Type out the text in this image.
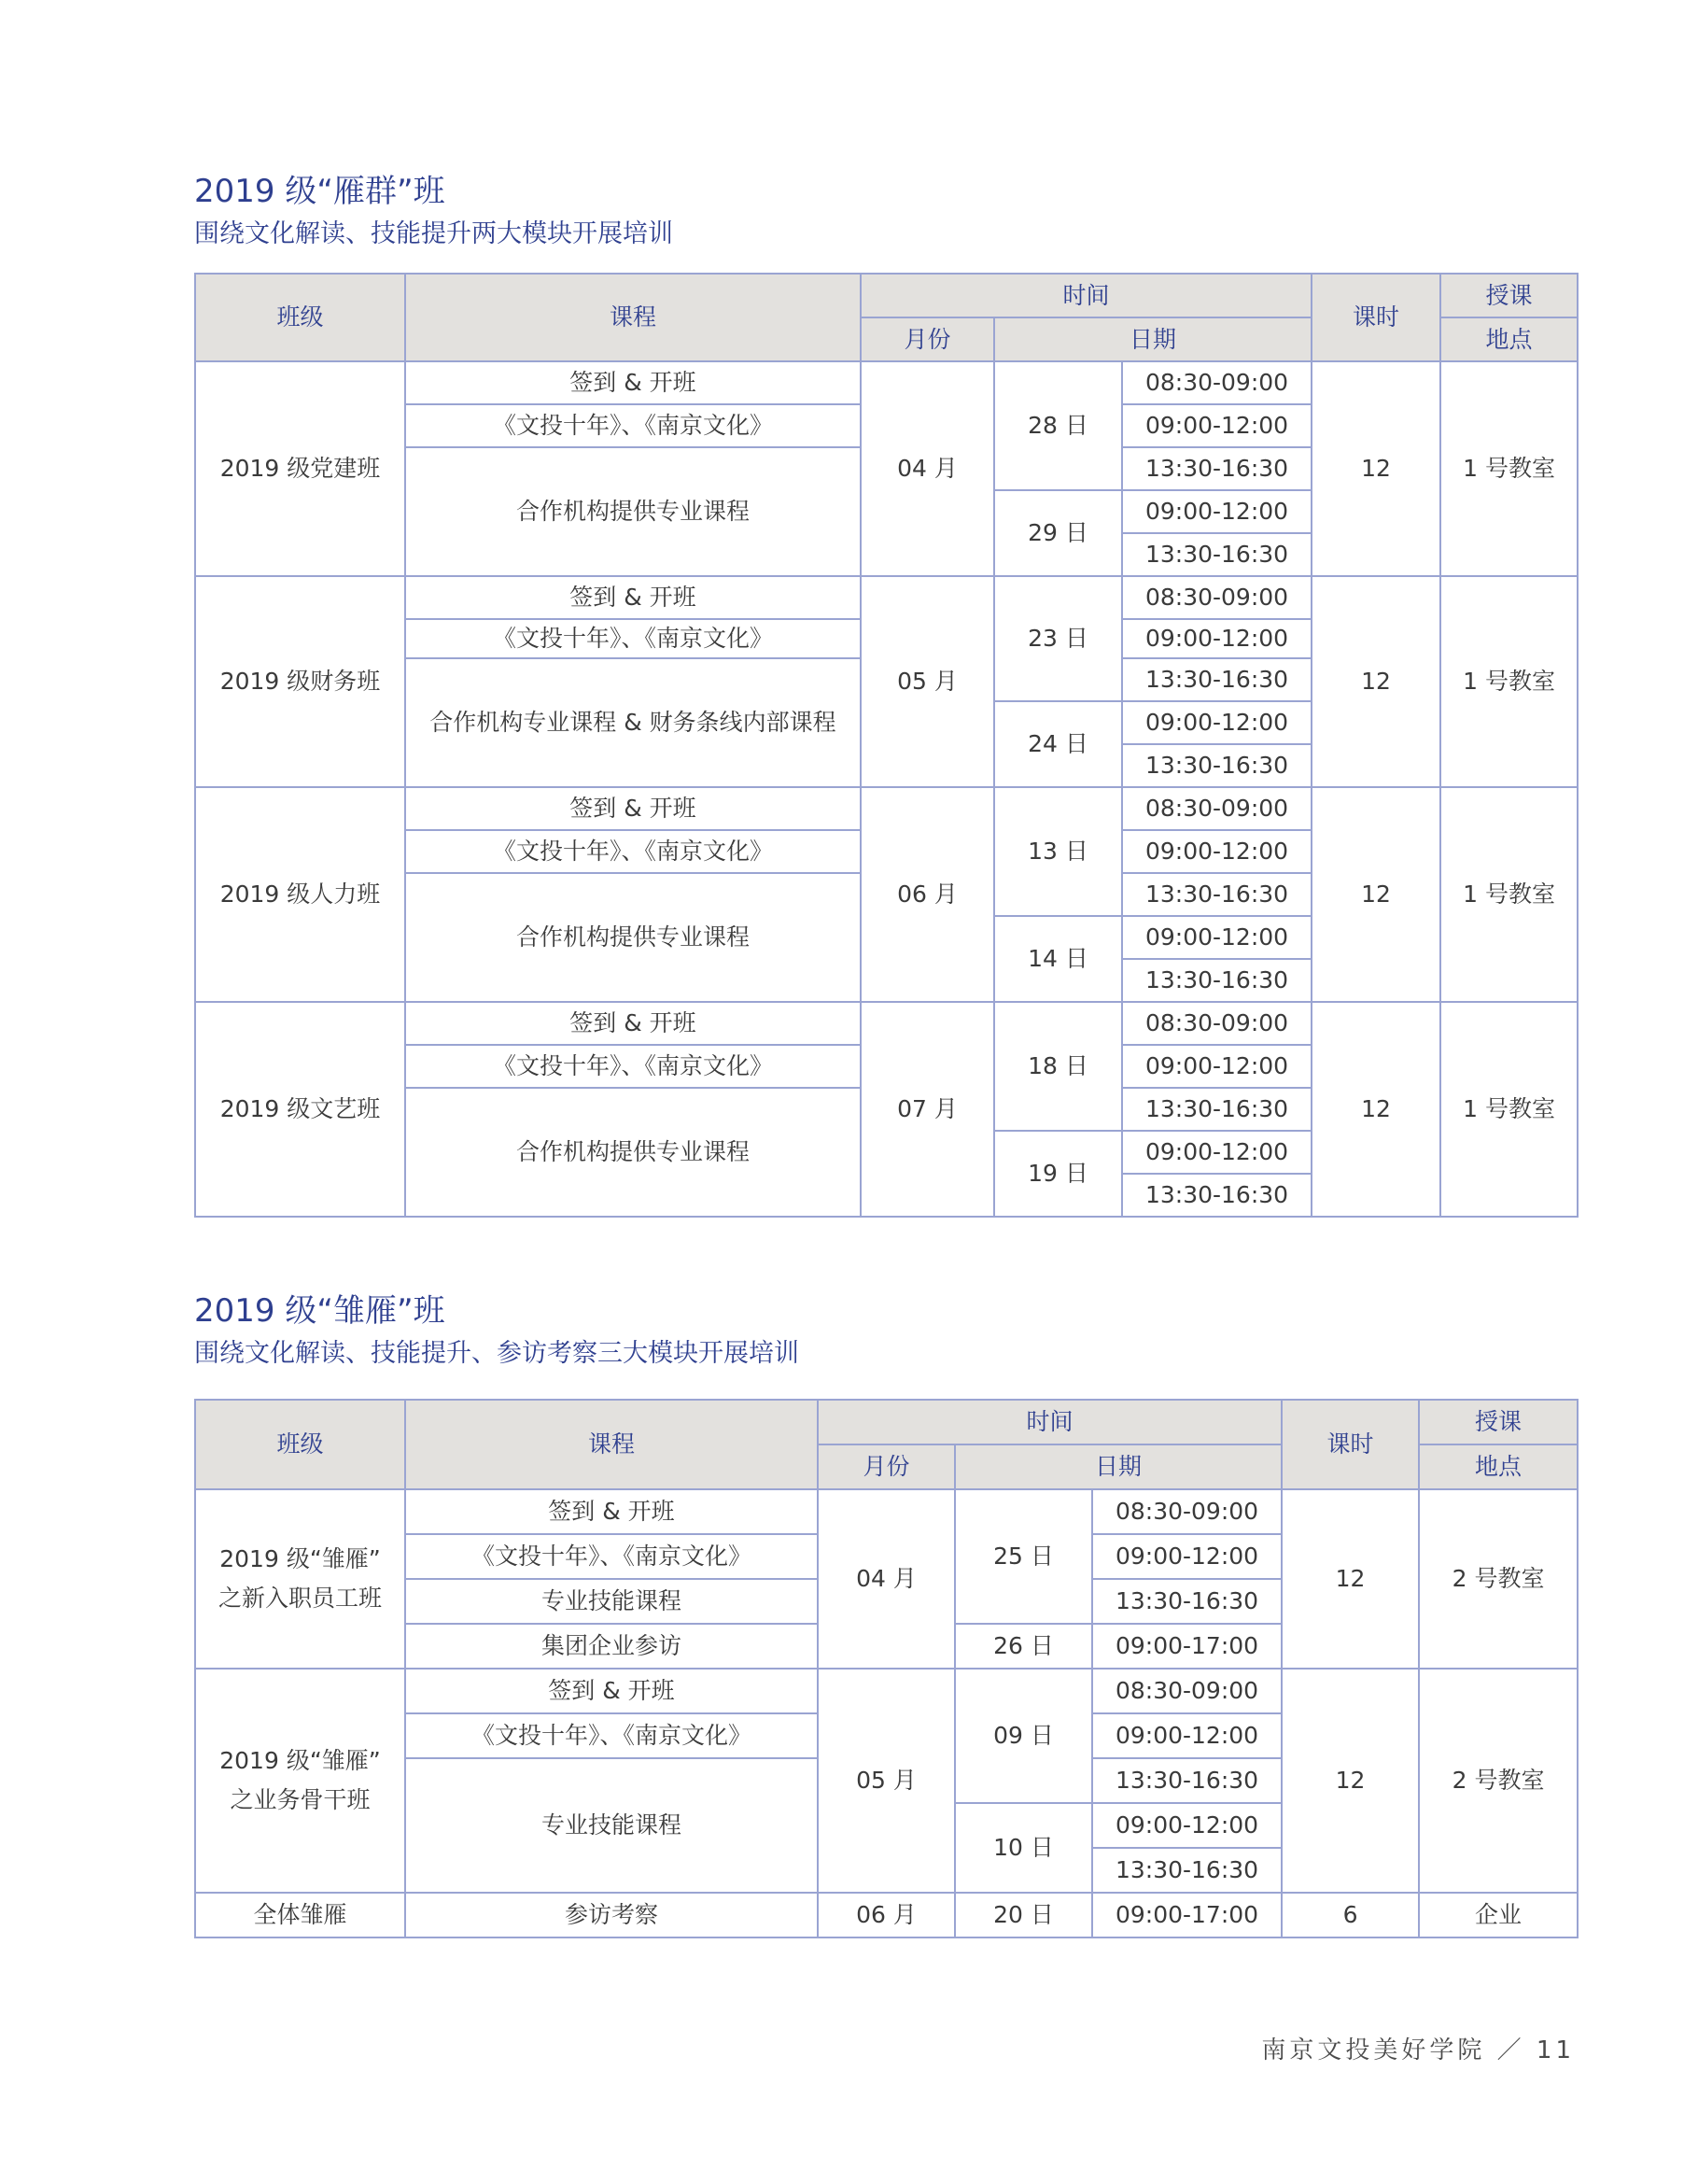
2019 级“雁群”班

围绕文化解读、技能提升两大模块开展培训

班级	课程	时间			课时	授课
		月份	日期			地点
2019 级党建班	签到 & 开班	04 月	28 日	08:30-09:00	12	1 号教室
	《文投十年》、《南京文化》			09:00-12:00		
	合作机构提供专业课程			13:30-16:30		
			29 日	09:00-12:00		
				13:30-16:30		
2019 级财务班	签到 & 开班	05 月	23 日	08:30-09:00	12	1 号教室
	《文投十年》、《南京文化》			09:00-12:00		
	合作机构专业课程 & 财务条线内部课程			13:30-16:30		
			24 日	09:00-12:00		
				13:30-16:30		
2019 级人力班	签到 & 开班	06 月	13 日	08:30-09:00	12	1 号教室
	《文投十年》、《南京文化》			09:00-12:00		
	合作机构提供专业课程			13:30-16:30		
			14 日	09:00-12:00		
				13:30-16:30		
2019 级文艺班	签到 & 开班	07 月	18 日	08:30-09:00	12	1 号教室
	《文投十年》、《南京文化》			09:00-12:00		
	合作机构提供专业课程			13:30-16:30		
			19 日	09:00-12:00		
				13:30-16:30		
2019 级“雏雁”班

围绕文化解读、技能提升、参访考察三大模块开展培训

班级	课程	时间			课时	授课
		月份	日期			地点

2019 级“雏雁”
之新入职员工班	签到 & 开班	04 月	25 日	08:30-09:00	12	2 号教室
	《文投十年》、《南京文化》			09:00-12:00		
	专业技能课程			13:30-16:30		
	集团企业参访		26 日	09:00-17:00		

2019 级“雏雁”
之业务骨干班	签到 & 开班	05 月	09 日	08:30-09:00	12	2 号教室
	《文投十年》、《南京文化》			09:00-12:00		
	专业技能课程			13:30-16:30		
			10 日	09:00-12:00		
				13:30-16:30		
全体雏雁	参访考察	06 月	20 日	09:00-17:00	6	企业
南京文投美好学院 ／ 11
